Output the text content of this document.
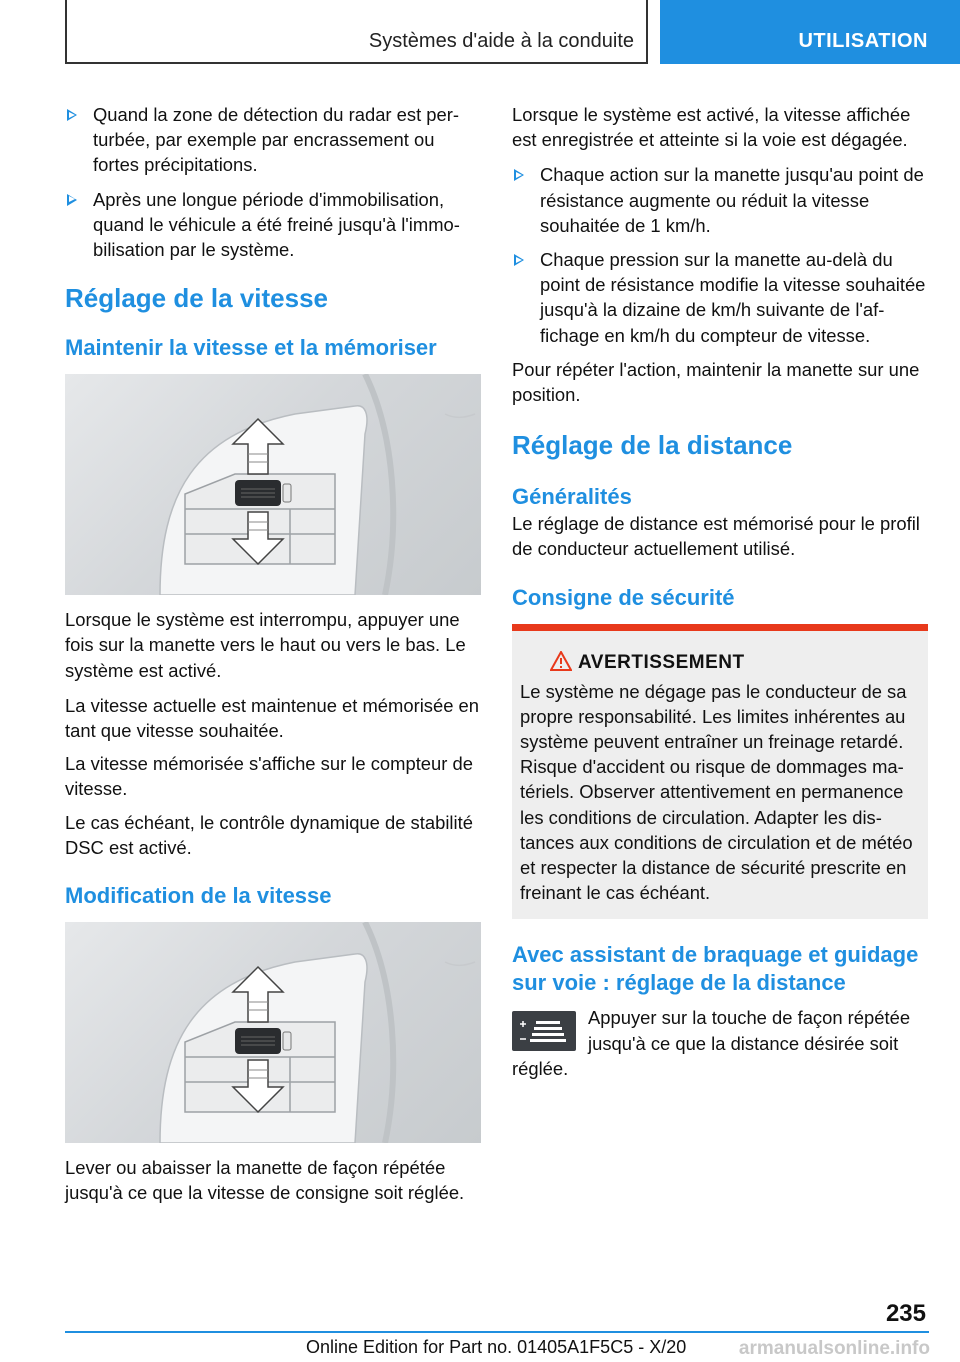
Systèmes d'aide à la conduite	UTILISATION
Quand la zone de détection du radar est perturbée, par exemple par encrassement ou fortes précipitations.
Après une longue période d'immobilisation, quand le véhicule a été freiné jusqu'à l'immobilisation par le système.
Réglage de la vitesse
Maintenir la vitesse et la mémoriser

Lorsque le système est interrompu, appuyer une fois sur la manette vers le haut ou vers le bas. Le système est activé.

La vitesse actuelle est maintenue et mémorisée en tant que vitesse souhaitée.

La vitesse mémorisée s'affiche sur le compteur de vitesse.

Le cas échéant, le contrôle dynamique de stabilité DSC est activé.

Modification de la vitesse

Lever ou abaisser la manette de façon répétée jusqu'à ce que la vitesse de consigne soit réglée.

Lorsque le système est activé, la vitesse affichée est enregistrée et atteinte si la voie est dégagée.

Chaque action sur la manette jusqu'au point de résistance augmente ou réduit la vitesse souhaitée de 1 km/h.
Chaque pression sur la manette au-delà du point de résistance modifie la vitesse souhaitée jusqu'à la dizaine de km/h suivante de l'affichage en km/h du compteur de vitesse.

Pour répéter l'action, maintenir la manette sur une position.

Réglage de la distance
Généralités

Le réglage de distance est mémorisé pour le profil de conducteur actuellement utilisé.

Consigne de sécurité
AVERTISSEMENT

Le système ne dégage pas le conducteur de sa propre responsabilité. Les limites inhérentes au système peuvent entraîner un freinage retardé. Risque d'accident ou risque de dommages matériels. Observer attentivement en permanence les conditions de circulation. Adapter les distances aux conditions de circulation et de météo et respecter la distance de sécurité prescrite en freinant le cas échéant.

Avec assistant de braquage et guidage sur voie : réglage de la distance

Appuyer sur la touche de façon répétée jusqu'à ce que la distance désirée soit réglée.

235
Online Edition for Part no. 01405A1F5C5 - X/20	armanualsonline.info
